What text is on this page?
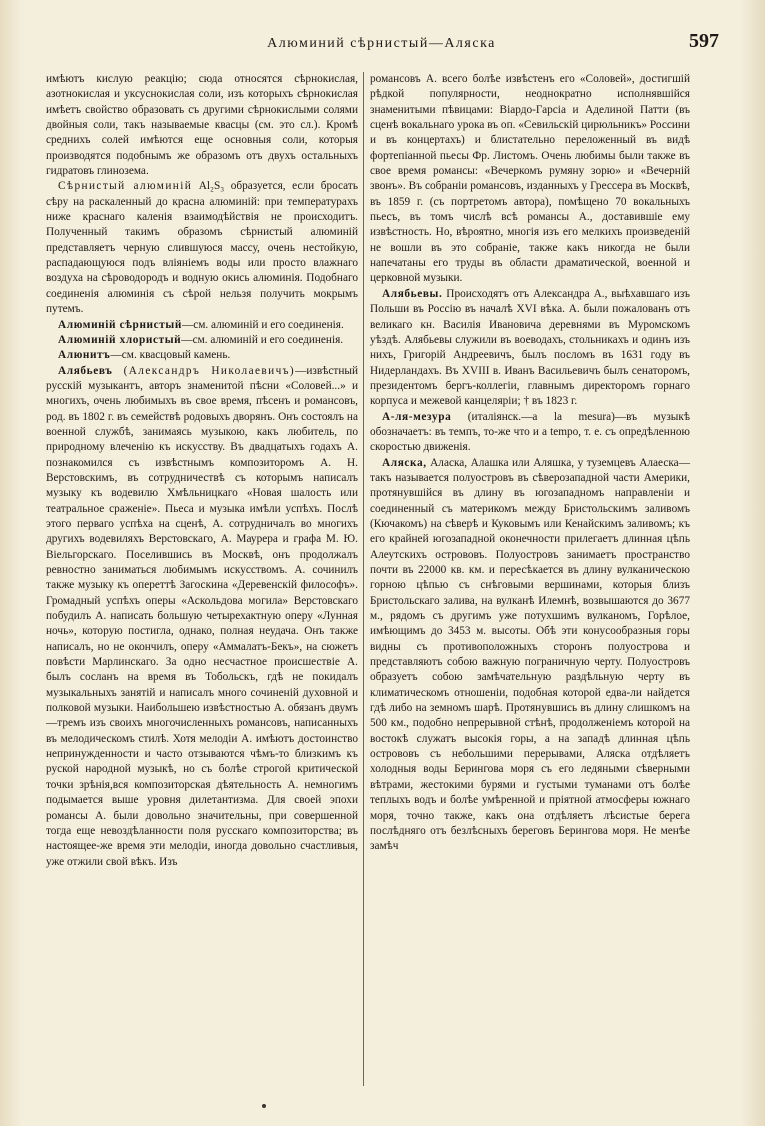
Алюминий сѣрнистый—Аляска	597

имѣютъ кислую реакцію; сюда относятся сѣрнокислая, азотнокислая и уксуснокислая соли, изъ которыхъ сѣрнокислая имѣетъ свойство образовать съ другими сѣрнокислыми солями двойныя соли, такъ называемые квасцы (см. это сл.). Кромѣ среднихъ солей имѣются еще основныя соли, которыя производятся подобнымъ же образомъ отъ двухъ остальныхъ гидратовъ глинозема.

Сѣрнистый алюминій Al₂S₃ образуется, если бросать сѣру на раскаленный до красна алюминій: при температурахъ ниже краснаго каленія взаимодѣйствія не происходитъ. Полученный такимъ образомъ сѣрнистый алюминій представляетъ черную слившуюся массу, очень нестойкую, распадающуюся подъ вліяніемъ воды или просто влажнаго воздуха на сѣроводородъ и водную окись алюминія. Подобнаго соединенія алюминія съ сѣрой нельзя получить мокрымъ путемъ.

Алюминій сѣрнистый—см. алюминій и его соединенія.

Алюминій хлористый—см. алюминій и его соединенія.

Алюнитъ—см. квасцовый камень.

Алябьевъ (Александръ Николаевичъ)—извѣстный русскій музыкантъ, авторъ знаменитой пѣсни «Соловей...» и многихъ, очень любимыхъ въ свое время, пѣсенъ и романсовъ, род. въ 1802 г. въ семействѣ родовыхъ дворянъ. Онъ состоялъ на военной службѣ, занимаясь музыкою, какъ любитель, по природному влеченію къ искусству. Въ двадцатыхъ годахъ А. познакомился съ извѣстнымъ композиторомъ А. Н. Верстовскимъ, въ сотрудничествѣ съ которымъ написалъ музыку къ водевилю Хмѣльницкаго «Новая шалость или театральное сраженіе». Пьеса и музыка имѣли успѣхъ. Послѣ этого перваго успѣха на сценѣ, А. сотрудничалъ во многихъ другихъ водевиляхъ Верстовскаго, А. Маурера и графа М. Ю. Віельгорскаго. Поселившись въ Москвѣ, онъ продолжалъ ревностно заниматься любимымъ искусствомъ. А. сочинилъ также музыку къ опереттѣ Загоскина «Деревенскій философъ». Громадный успѣхъ оперы «Аскольдова могила» Верстовскаго побудилъ А. написать большую четырехактную оперу «Лунная ночь», которую постигла, однако, полная неудача. Онъ также написалъ, но не окончилъ, оперу «Аммалатъ-Бекъ», на сюжетъ повѣсти Марлинскаго. За одно несчастное происшествіе А. былъ сосланъ на время въ Тобольскъ, гдѣ не покидалъ музыкальныхъ занятій и написалъ много сочиненій духовной и полковой музыки. Наибольшею извѣстностью А. обязанъ двумъ—тремъ изъ своихъ многочисленныхъ романсовъ, написанныхъ въ мелодическомъ стилѣ. Хотя мелодіи А. имѣютъ достоинство непринужденности и часто отзываются чѣмъ-то близкимъ къ руской народной музыкѣ, но съ болѣе строгой критической точки зрѣнія,вся композиторская дѣятельность А. немногимъ подымается выше уровня дилетантизма. Для своей эпохи романсы А. были довольно значительны, при совершенной тогда еще невоздѣланности поля русскаго композиторства; въ настоящее-же время эти мелодіи, иногда довольно счастливыя, уже отжили свой вѣкъ. Изъ

романсовъ А. всего болѣе извѣстенъ его «Соловей», достигшій рѣдкой популярности, неоднократно исполнявшійся знаменитыми пѣвицами: Віардо-Гарсіа и Аделиной Патти (въ сценѣ вокальнаго урока въ оп. «Севильскій цирюльникъ» Россини и въ концертахъ) и блистательно переложенный въ видѣ фортепіанной пьесы Фр. Листомъ. Очень любимы были также въ свое время романсы: «Вечеркомъ румяну зорю» и «Вечерній звонъ». Въ собраніи романсовъ, изданныхъ у Грессера въ Москвѣ, въ 1859 г. (съ портретомъ автора), помѣщено 70 вокальныхъ пьесъ, въ томъ числѣ всѣ романсы А., доставившіе ему извѣстность. Но, вѣроятно, многія изъ его мелкихъ произведеній не вошли въ это собраніе, также какъ никогда не были напечатаны его труды въ области драматической, военной и церковной музыки.

Алябьевы. Происходятъ отъ Александра А., выѣхавшаго изъ Польши въ Россію въ началѣ XVI вѣка. А. были пожалованъ отъ великаго кн. Василія Ивановича деревнями въ Муромскомъ уѣздѣ. Алябьевы служили въ воеводахъ, стольникахъ и одинъ изъ нихъ, Григорій Андреевичъ, былъ посломъ въ 1631 году въ Нидерландахъ. Въ XVIII в. Иванъ Васильевичъ былъ сенаторомъ, президентомъ бергъ-коллегіи, главнымъ директоромъ горнаго корпуса и межевой канцеляріи; † въ 1823 г.

А-ля-мезура (италіянск.—a la mesura)—въ музыкѣ обозначаетъ: въ темпъ, то-же что и a tempo, т. е. съ опредѣленною скоростью движенія.

Аляска, Аласка, Алашка или Аляшка, у туземцевъ Алаеска—такъ называется полуостровъ въ сѣверозападной части Америки, протянувшійся въ длину въ югозападномъ направленіи и соединенный съ материкомъ между Бристольскимъ заливомъ (Кючакомъ) на сѣверѣ и Куковымъ или Кенайскимъ заливомъ; къ его крайней югозападной оконечности прилегаетъ длинная цѣпь Алеутскихъ острововъ. Полуостровъ занимаетъ пространство почти въ 22000 кв. км. и пересѣкается въ длину вулканическою горною цѣпью съ снѣговыми вершинами, которыя близъ Бристольскаго залива, на вулканѣ Илемнѣ, возвышаются до 3677 м., рядомъ съ другимъ уже потухшимъ вулканомъ, Горѣлое, имѣющимъ до 3453 м. высоты. Обѣ эти конусообразныя горы видны съ противоположныхъ сторонъ полуострова и представляютъ собою важную пограничную черту. Полуостровъ образуетъ собою замѣчательную раздѣльную черту въ климатическомъ отношеніи, подобная которой едва-ли найдется гдѣ либо на земномъ шарѣ. Протянувшись въ длину слишкомъ на 500 км., подобно непрерывной стѣнѣ, продолженіемъ которой на востокѣ служатъ высокія горы, а на западѣ длинная цѣпь острововъ съ небольшими перерывами, Аляска отдѣляетъ холодныя воды Берингова моря съ его ледяными сѣверными вѣтрами, жестокими бурями и густыми туманами отъ болѣе теплыхъ водъ и болѣе умѣренной и пріятной атмосферы южнаго моря, точно также, какъ она отдѣляетъ лѣсистые берега послѣдняго отъ безлѣсныхъ береговъ Берингова моря. Не менѣе замѣч
